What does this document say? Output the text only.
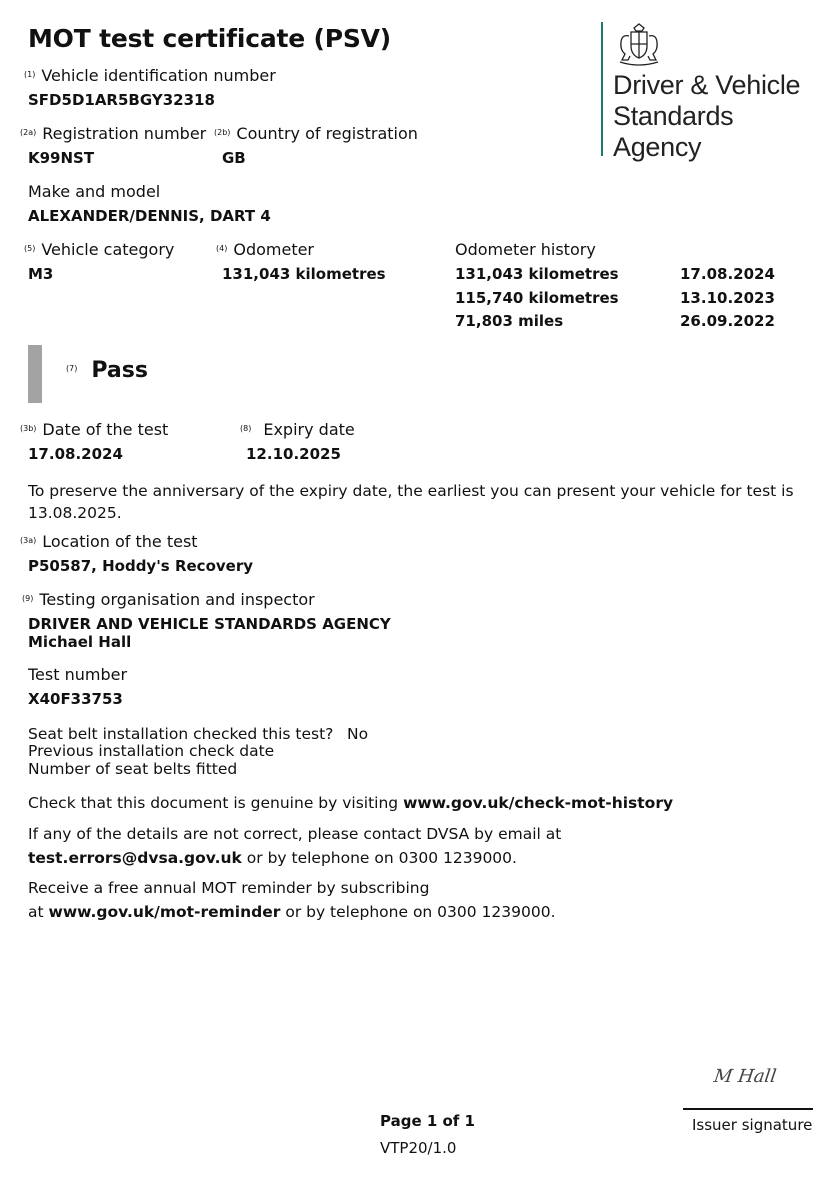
MOT test certificate (PSV)
Driver & Vehicle
Standards
Agency
$^{(1)}$ Vehicle identification number
SFD5D1AR5BGY32318
$^{(2a)}$ Registration number
K99NST
$^{(2b)}$ Country of registration
GB
Make and model
ALEXANDER/DENNIS, DART 4
$^{(5)}$ Vehicle category
M3
$^{(4)}$ Odometer
131,043 kilometres
Odometer history
131,043 kilometres	17.08.2024
115,740 kilometres	13.10.2023
71,803 miles	26.09.2022
$^{(7)}$ Pass
$^{(3b)}$ Date of the test
17.08.2024
$^{(8)}$ Expiry date
12.10.2025
To preserve the anniversary of the expiry date, the earliest you can present your vehicle for test is
13.08.2025.
$^{(3a)}$ Location of the test
P50587, Hoddy's Recovery
$^{(9)}$ Testing organisation and inspector
DRIVER AND VEHICLE STANDARDS AGENCY
Michael Hall
Test number
X40F33753
Seat belt installation checked this test? No
Previous installation check date
Number of seat belts fitted
Check that this document is genuine by visiting www.gov.uk/check-mot-history
If any of the details are not correct, please contact DVSA by email at
test.errors@dvsa.gov.uk or by telephone on 0300 1239000.
Receive a free annual MOT reminder by subscribing
at www.gov.uk/mot-reminder or by telephone on 0300 1239000.
M Hall
Issuer signature
Page 1 of 1
VTP20/1.0
